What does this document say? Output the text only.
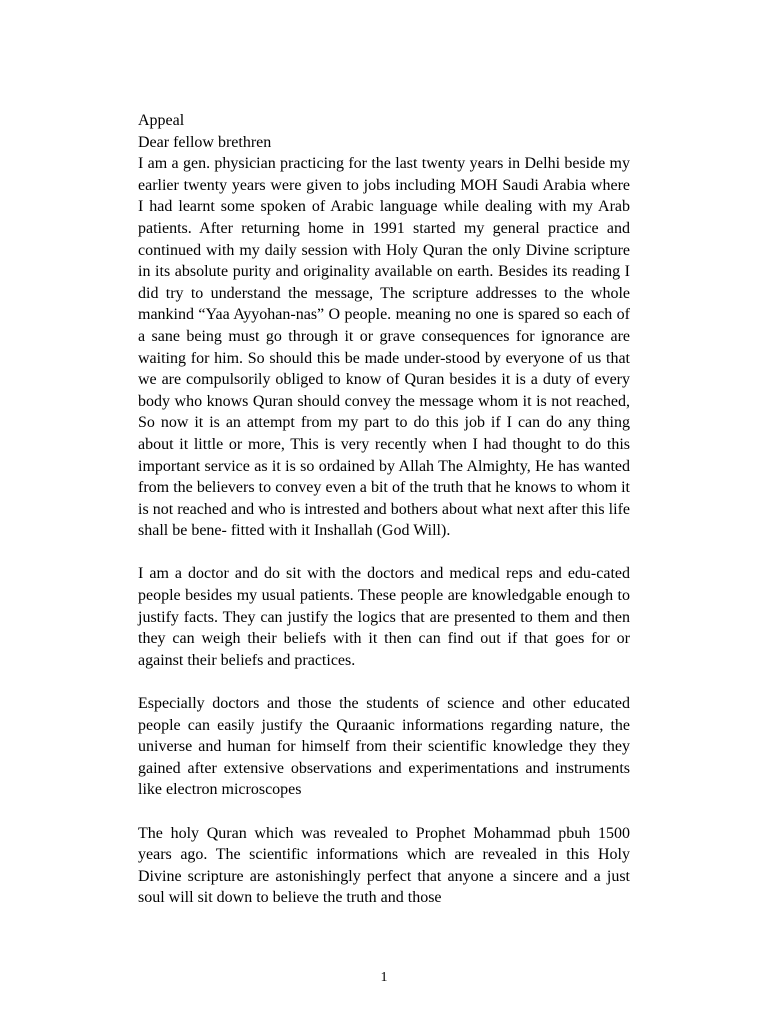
Appeal

Dear fellow brethren

I am a gen. physician practicing for the last twenty years in Delhi beside my earlier twenty years were given to jobs including MOH Saudi Arabia where I had learnt some spoken of Arabic language while dealing with my Arab patients. After returning home in 1991 started my general practice and continued with my daily session with Holy Quran the only Divine scripture in its absolute purity and originality available on earth. Besides its reading I did try to understand the message, The scripture addresses to the whole mankind “Yaa Ayyohan-nas” O people. meaning no one is spared so each of a sane being must go through it or grave consequences for ignorance are waiting for him. So should this be made under-stood by everyone of us that we are compulsorily obliged to know of Quran besides it is a duty of every body who knows Quran should convey the message whom it is not reached, So now it is an attempt from my part to do this job if I can do any thing about it little or more, This is very recently when I had thought to do this important service as it is so ordained by Allah The Almighty, He has wanted from the believers to convey even a bit of the truth that he knows to whom it is not reached and who is intrested and bothers about what next after this life shall be bene- fitted with it Inshallah (God Will).

I am a doctor and do sit with the doctors and medical reps and edu-cated people besides my usual patients. These people are knowledgable enough to justify facts. They can justify the logics that are presented to them and then they can weigh their beliefs with it then can find out if that goes for or against their beliefs and practices.

Especially doctors and those the students of science and other educated people can easily justify the Quraanic informations regarding nature, the universe and human for himself from their scientific knowledge they they gained after extensive observations and experimentations and instruments like electron microscopes

The holy Quran which was revealed to Prophet Mohammad pbuh 1500 years ago. The scientific informations which are revealed in this Holy Divine scripture are astonishingly perfect that anyone a sincere and a just soul will sit down to believe the truth and those

1
